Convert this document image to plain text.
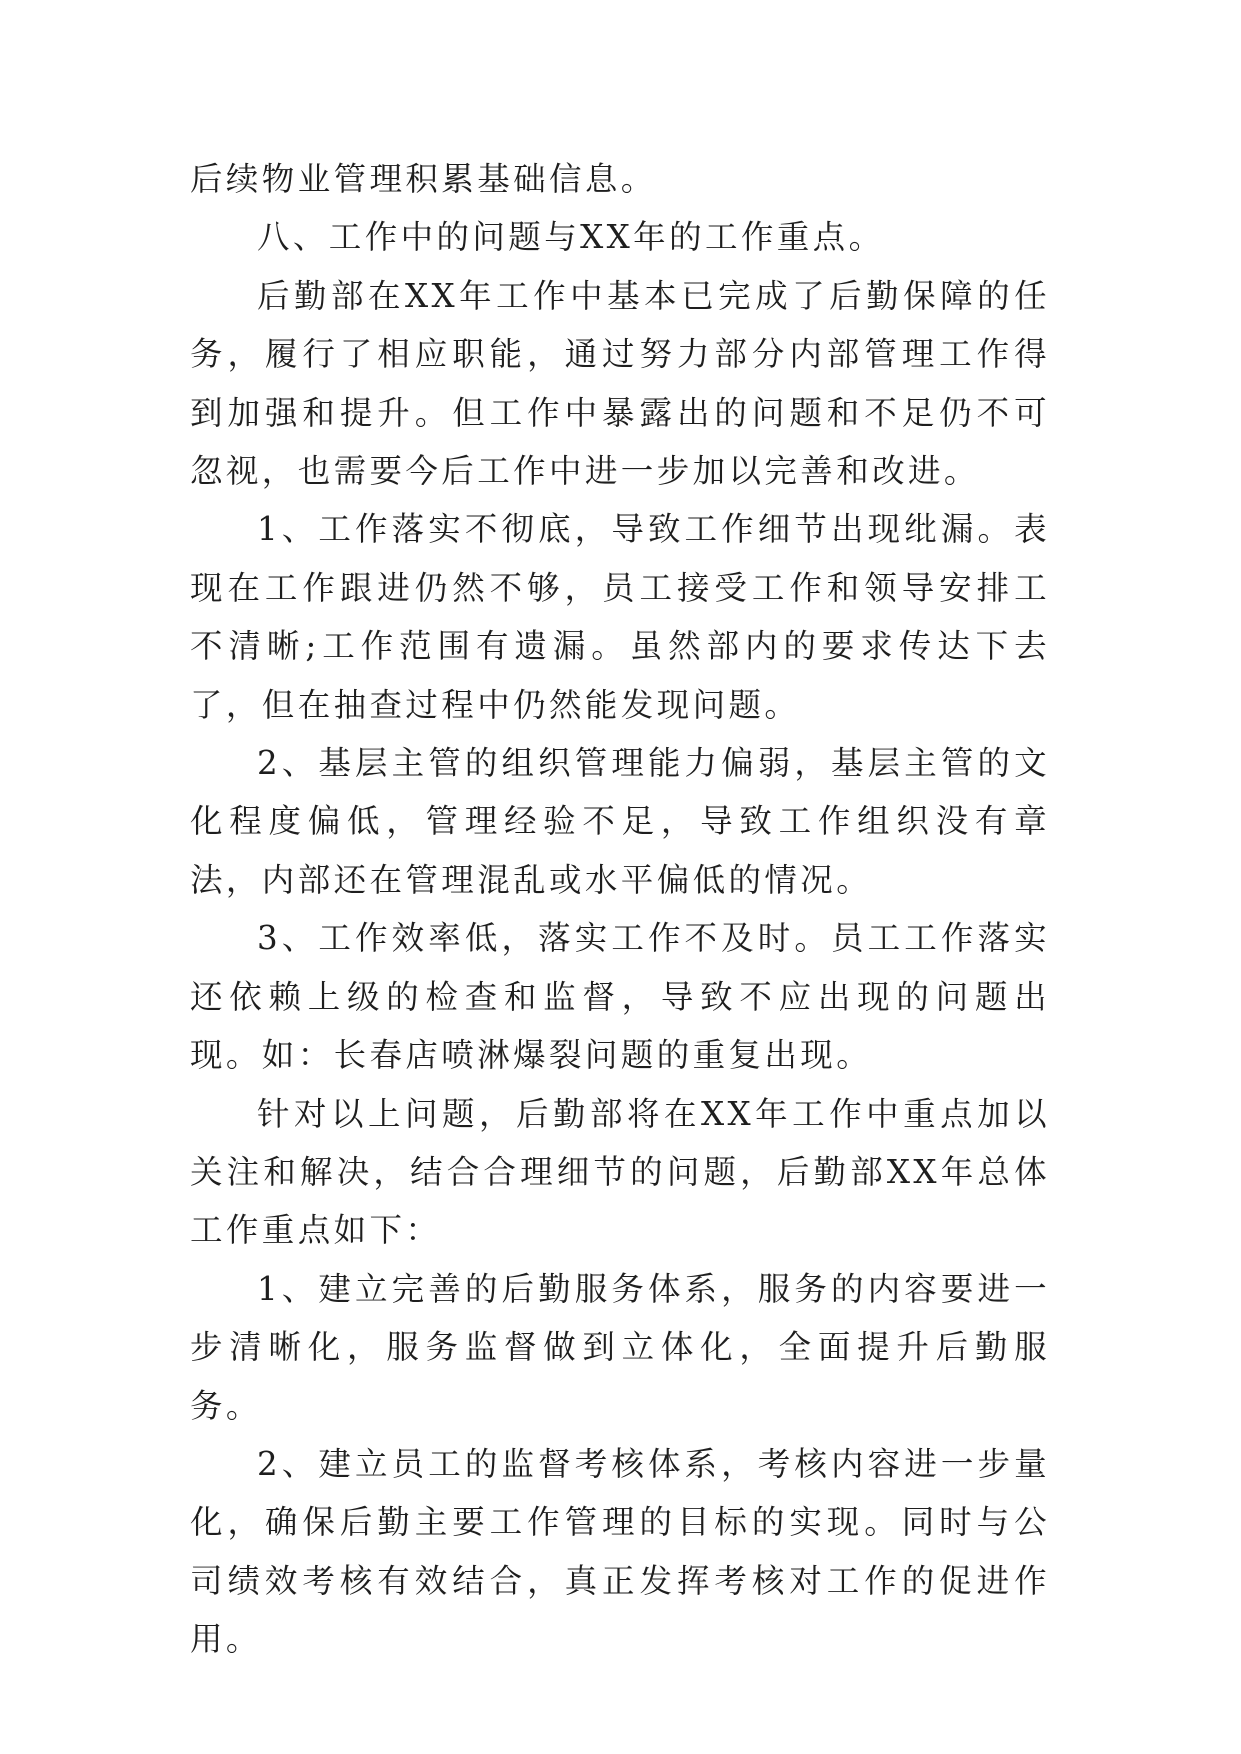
后续物业管理积累基础信息。

八、工作中的问题与XX年的工作重点。

后勤部在XX年工作中基本已完成了后勤保障的任务，履行了相应职能，通过努力部分内部管理工作得到加强和提升。但工作中暴露出的问题和不足仍不可忽视，也需要今后工作中进一步加以完善和改进。

1、工作落实不彻底，导致工作细节出现纰漏。表现在工作跟进仍然不够，员工接受工作和领导安排工不清晰;工作范围有遗漏。虽然部内的要求传达下去了，但在抽查过程中仍然能发现问题。

2、基层主管的组织管理能力偏弱，基层主管的文化程度偏低，管理经验不足，导致工作组织没有章法，内部还在管理混乱或水平偏低的情况。

3、工作效率低，落实工作不及时。员工工作落实还依赖上级的检查和监督，导致不应出现的问题出现。如：长春店喷淋爆裂问题的重复出现。

针对以上问题，后勤部将在XX年工作中重点加以关注和解决，结合合理细节的问题，后勤部XX年总体工作重点如下：

1、建立完善的后勤服务体系，服务的内容要进一步清晰化，服务监督做到立体化，全面提升后勤服务。

2、建立员工的监督考核体系，考核内容进一步量化，确保后勤主要工作管理的目标的实现。同时与公司绩效考核有效结合，真正发挥考核对工作的促进作用。
